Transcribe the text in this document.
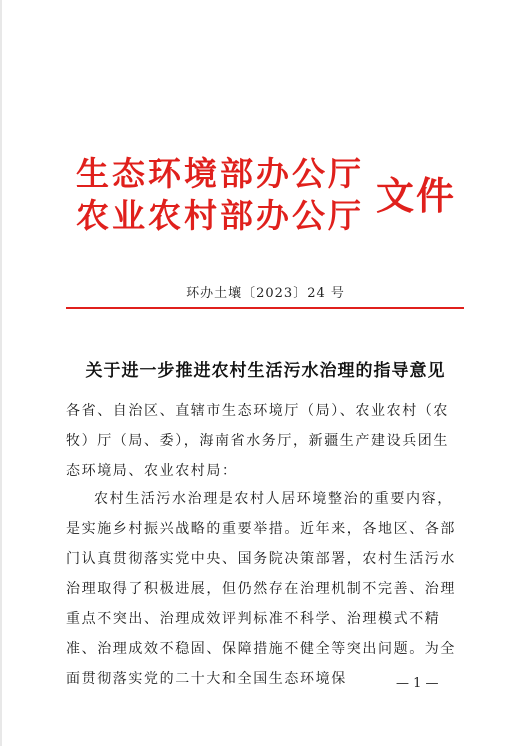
生态环境部办公厅
农业农村部办公厅 文件
环办土壤〔2023〕24 号
关于进一步推进农村生活污水治理的指导意见
各省、自治区、直辖市生态环境厅（局）、农业农村（农牧）厅（局、委），海南省水务厅，新疆生产建设兵团生态环境局、农业农村局：
农村生活污水治理是农村人居环境整治的重要内容，是实施乡村振兴战略的重要举措。近年来，各地区、各部门认真贯彻落实党中央、国务院决策部署，农村生活污水治理取得了积极进展，但仍然存在治理机制不完善、治理重点不突出、治理成效评判标准不科学、治理模式不精准、治理成效不稳固、保障措施不健全等突出问题。为全面贯彻落实党的二十大和全国生态环境保	— 1 —
